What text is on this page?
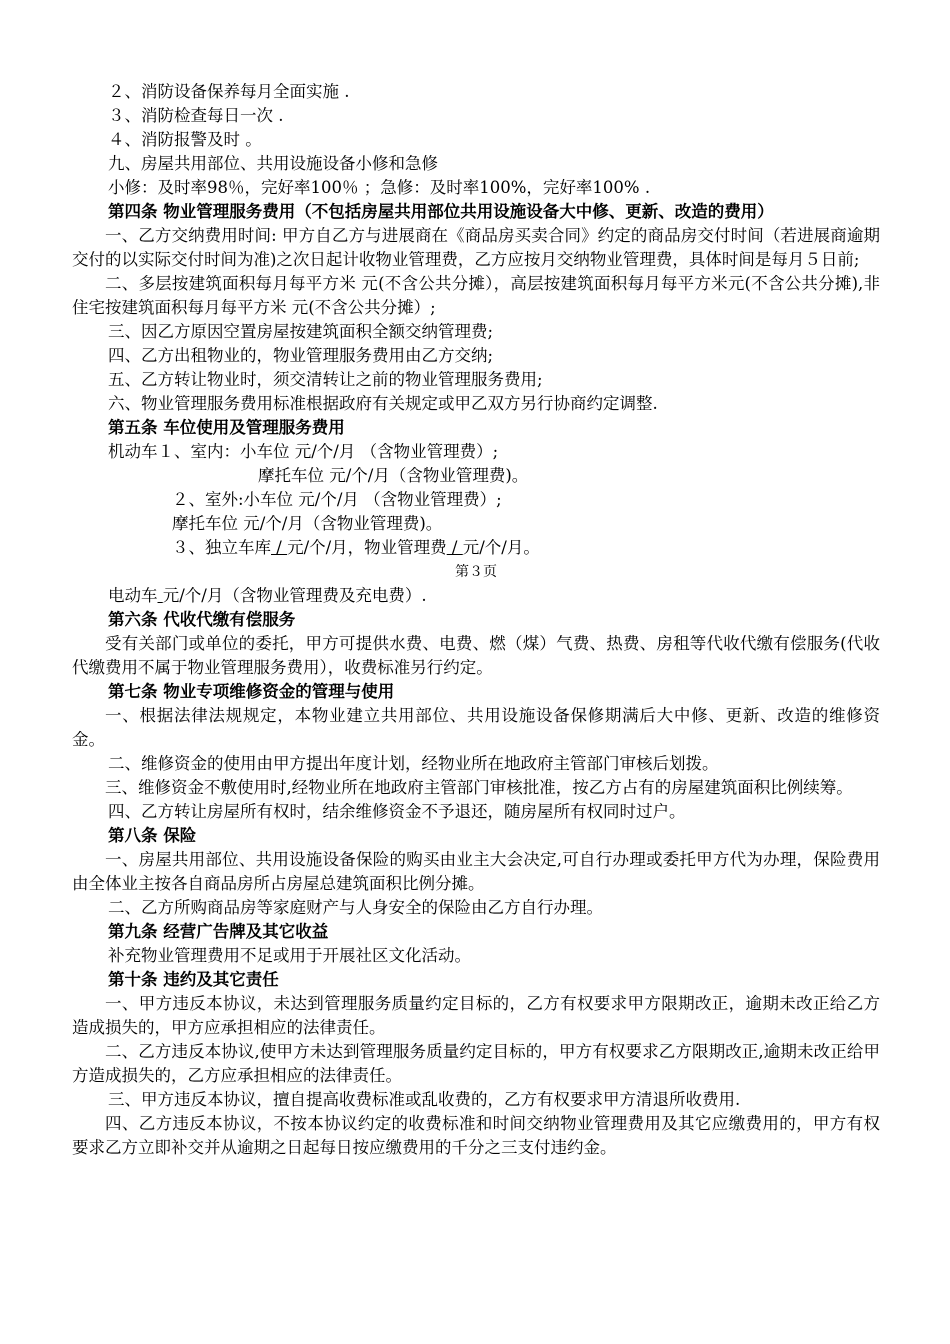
２、消防设备保养每月全面实施 .
３、消防检查每日一次 .
４、消防报警及时 。
九、房屋共用部位、共用设施设备小修和急修
小修：及时率98％，完好率100％ ；急修：及时率100%，完好率100% .
第四条 物业管理服务费用（不包括房屋共用部位共用设施设备大中修、更新、改造的费用）
一、乙方交纳费用时间: 甲方自乙方与进展商在《商品房买卖合同》约定的商品房交付时间（若进展商逾期交付的以实际交付时间为准)之次日起计收物业管理费，乙方应按月交纳物业管理费，具体时间是每月５日前;
二、多层按建筑面积每月每平方米 元(不含公共分摊），高层按建筑面积每月每平方米元(不含公共分摊),非住宅按建筑面积每月每平方米 元(不含公共分摊）;
三、因乙方原因空置房屋按建筑面积全额交纳管理费;
四、乙方出租物业的，物业管理服务费用由乙方交纳;
五、乙方转让物业时，须交清转让之前的物业管理服务费用;
六、物业管理服务费用标准根据政府有关规定或甲乙双方另行协商约定调整.
第五条 车位使用及管理服务费用
机动车１、室内：小车位 元/个/月 （含物业管理费）;
摩托车位 元/个/月（含物业管理费)。
２、室外:小车位 元/个/月 （含物业管理费）;
摩托车位 元/个/月（含物业管理费)。
３、独立车库 / 元/个/月，物业管理费 / 元/个/月。
第３页
电动车 元/个/月（含物业管理费及充电费）.
第六条 代收代缴有偿服务
受有关部门或单位的委托，甲方可提供水费、电费、燃（煤）气费、热费、房租等代收代缴有偿服务(代收代缴费用不属于物业管理服务费用），收费标准另行约定。
第七条 物业专项维修资金的管理与使用
一、根据法律法规规定，本物业建立共用部位、共用设施设备保修期满后大中修、更新、改造的维修资金。
二、维修资金的使用由甲方提出年度计划，经物业所在地政府主管部门审核后划拨。
三、维修资金不敷使用时,经物业所在地政府主管部门审核批准，按乙方占有的房屋建筑面积比例续筹。
四、乙方转让房屋所有权时，结余维修资金不予退还，随房屋所有权同时过户。
第八条 保险
一、房屋共用部位、共用设施设备保险的购买由业主大会决定,可自行办理或委托甲方代为办理，保险费用由全体业主按各自商品房所占房屋总建筑面积比例分摊。
二、乙方所购商品房等家庭财产与人身安全的保险由乙方自行办理。
第九条 经营广告牌及其它收益
补充物业管理费用不足或用于开展社区文化活动。
第十条 违约及其它责任
一、甲方违反本协议，未达到管理服务质量约定目标的，乙方有权要求甲方限期改正，逾期未改正给乙方造成损失的，甲方应承担相应的法律责任。
二、乙方违反本协议,使甲方未达到管理服务质量约定目标的，甲方有权要求乙方限期改正,逾期未改正给甲方造成损失的，乙方应承担相应的法律责任。
三、甲方违反本协议，擅自提高收费标准或乱收费的，乙方有权要求甲方清退所收费用.
四、乙方违反本协议，不按本协议约定的收费标准和时间交纳物业管理费用及其它应缴费用的，甲方有权要求乙方立即补交并从逾期之日起每日按应缴费用的千分之三支付违约金。
